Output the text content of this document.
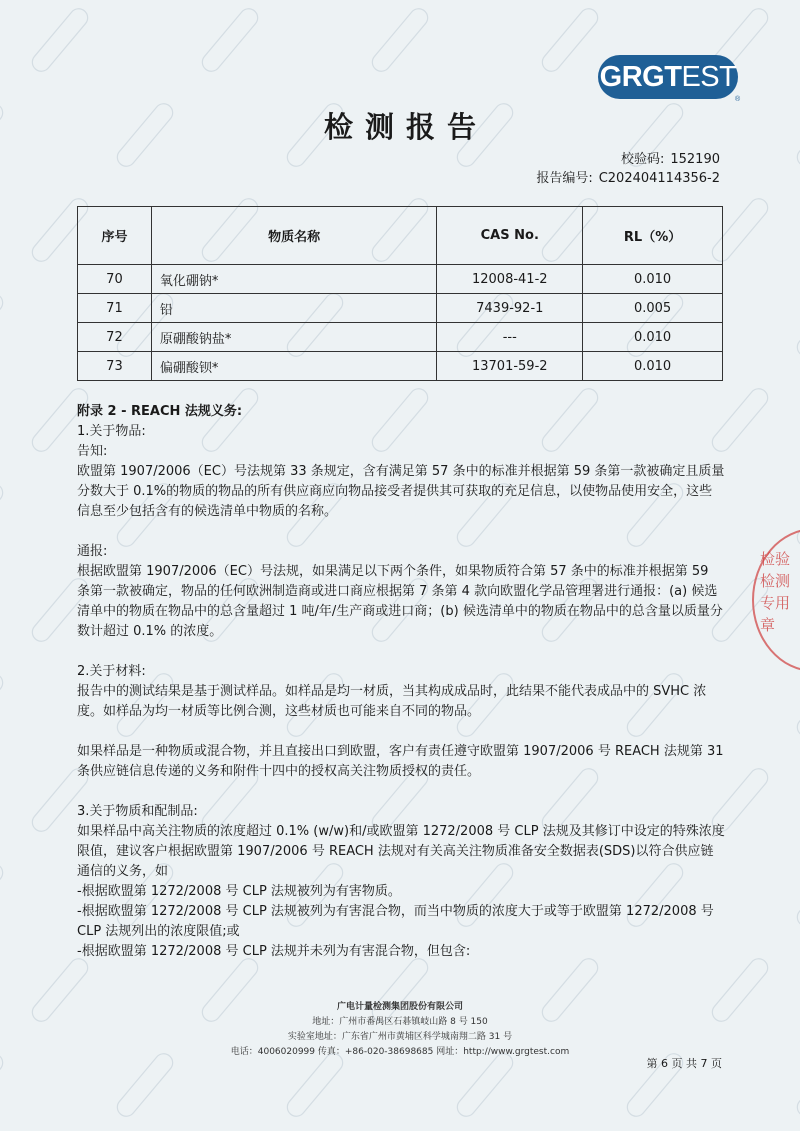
GRGTEST
®
检测报告
校验码: 152190
报告编号: C202404114356-2
序号	物质名称	CAS No.	RL（%）
70	氧化硼钠*	12008-41-2	0.010
71	铅	7439-92-1	0.005
72	原硼酸钠盐*	---	0.010
73	偏硼酸钡*	13701-59-2	0.010

附录 2 - REACH 法规义务:

1.关于物品:

告知:

欧盟第 1907/2006（EC）号法规第 33 条规定，含有满足第 57 条中的标准并根据第 59 条第一款被确定且质量分数大于 0.1%的物质的物品的所有供应商应向物品接受者提供其可获取的充足信息，以使物品使用安全，这些信息至少包括含有的候选清单中物质的名称。

通报:

根据欧盟第 1907/2006（EC）号法规，如果满足以下两个条件，如果物质符合第 57 条中的标准并根据第 59 条第一款被确定，物品的任何欧洲制造商或进口商应根据第 7 条第 4 款向欧盟化学品管理署进行通报：(a) 候选清单中的物质在物品中的总含量超过 1 吨/年/生产商或进口商；(b) 候选清单中的物质在物品中的总含量以质量分数计超过 0.1% 的浓度。

2.关于材料:

报告中的测试结果是基于测试样品。如样品是均一材质，当其构成成品时，此结果不能代表成品中的 SVHC 浓度。如样品为均一材质等比例合测，这些材质也可能来自不同的物品。

如果样品是一种物质或混合物，并且直接出口到欧盟，客户有责任遵守欧盟第 1907/2006 号 REACH 法规第 31 条供应链信息传递的义务和附件十四中的授权高关注物质授权的责任。

3.关于物质和配制品:

如果样品中高关注物质的浓度超过 0.1% (w/w)和/或欧盟第 1272/2008 号 CLP 法规及其修订中设定的特殊浓度限值，建议客户根据欧盟第 1907/2006 号 REACH 法规对有关高关注物质准备安全数据表(SDS)以符合供应链通信的义务，如

-根据欧盟第 1272/2008 号 CLP 法规被列为有害物质。

-根据欧盟第 1272/2008 号 CLP 法规被列为有害混合物，而当中物质的浓度大于或等于欧盟第 1272/2008 号 CLP 法规列出的浓度限值;或

-根据欧盟第 1272/2008 号 CLP 法规并未列为有害混合物，但包含:

检验检测专用章
广电计量检测集团股份有限公司
地址：广州市番禺区石碁镇岐山路 8 号 150
实验室地址：广东省广州市黄埔区科学城南翔二路 31 号
电话：4006020999 传真：+86-020-38698685 网址：http://www.grgtest.com
第 6 页 共 7 页
